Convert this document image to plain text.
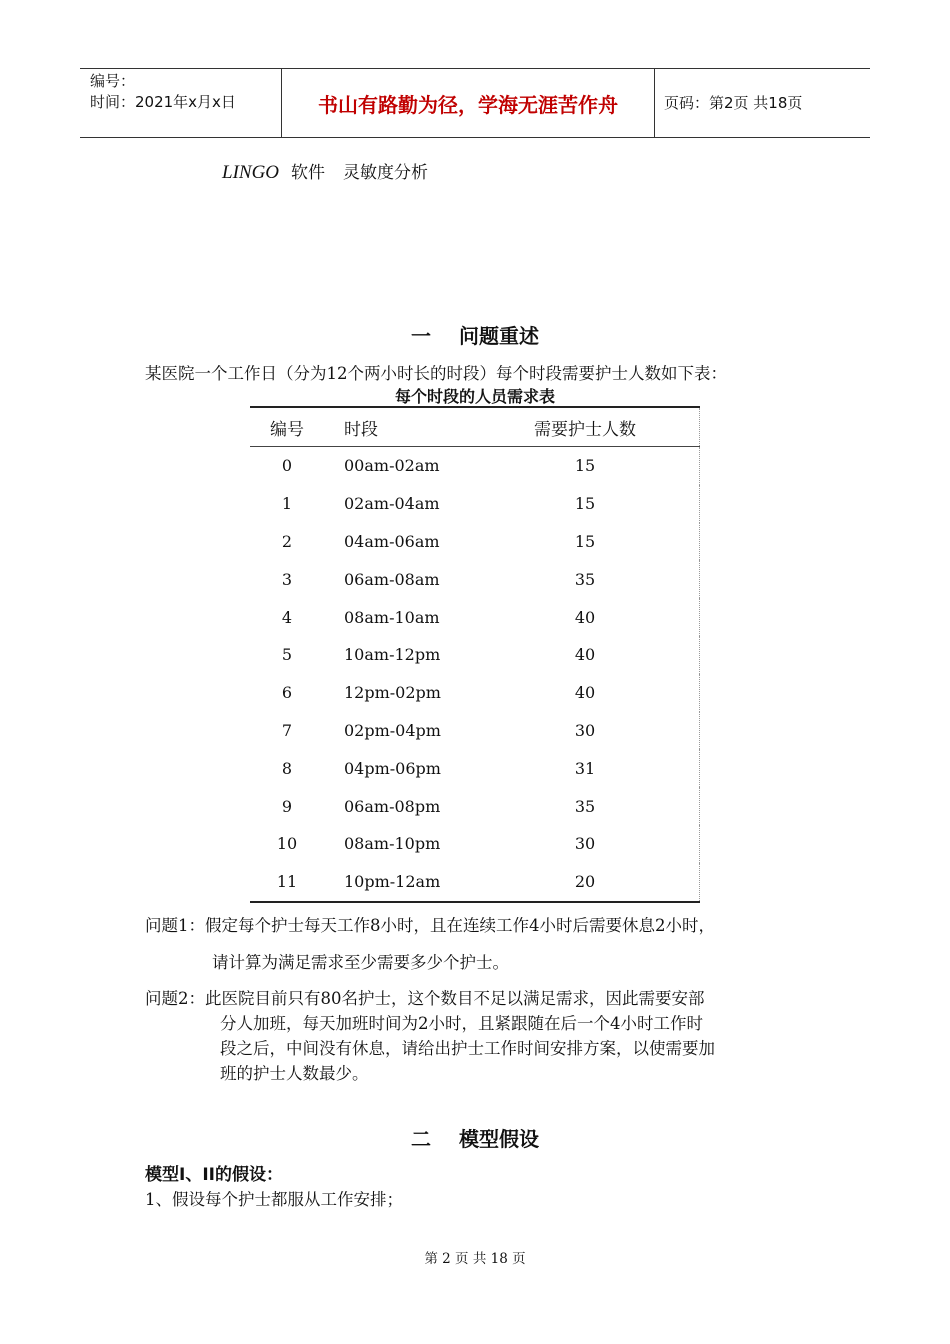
编号：
时间：2021年x月x日	书山有路勤为径，学海无涯苦作舟	页码：第2页 共18页
LINGO 软件 灵敏度分析
一 问题重述
某医院一个工作日（分为12个两小时长的时段）每个时段需要护士人数如下表：
每个时段的人员需求表
编号	时段	需要护士人数
0	00am-02am	15
1	02am-04am	15
2	04am-06am	15
3	06am-08am	35
4	08am-10am	40
5	10am-12pm	40
6	12pm-02pm	40
7	02pm-04pm	30
8	04pm-06pm	31
9	06am-08pm	35
10	08am-10pm	30
11	10pm-12am	20
问题1：假定每个护士每天工作8小时，且在连续工作4小时后需要休息2小时，
请计算为满足需求至少需要多少个护士。
问题2：此医院目前只有80名护士，这个数目不足以满足需求，因此需要安部
分人加班，每天加班时间为2小时，且紧跟随在后一个4小时工作时
段之后，中间没有休息，请给出护士工作时间安排方案，以使需要加
班的护士人数最少。
二 模型假设
模型I、II的假设：
1、假设每个护士都服从工作安排；
第 2 页 共 18 页
